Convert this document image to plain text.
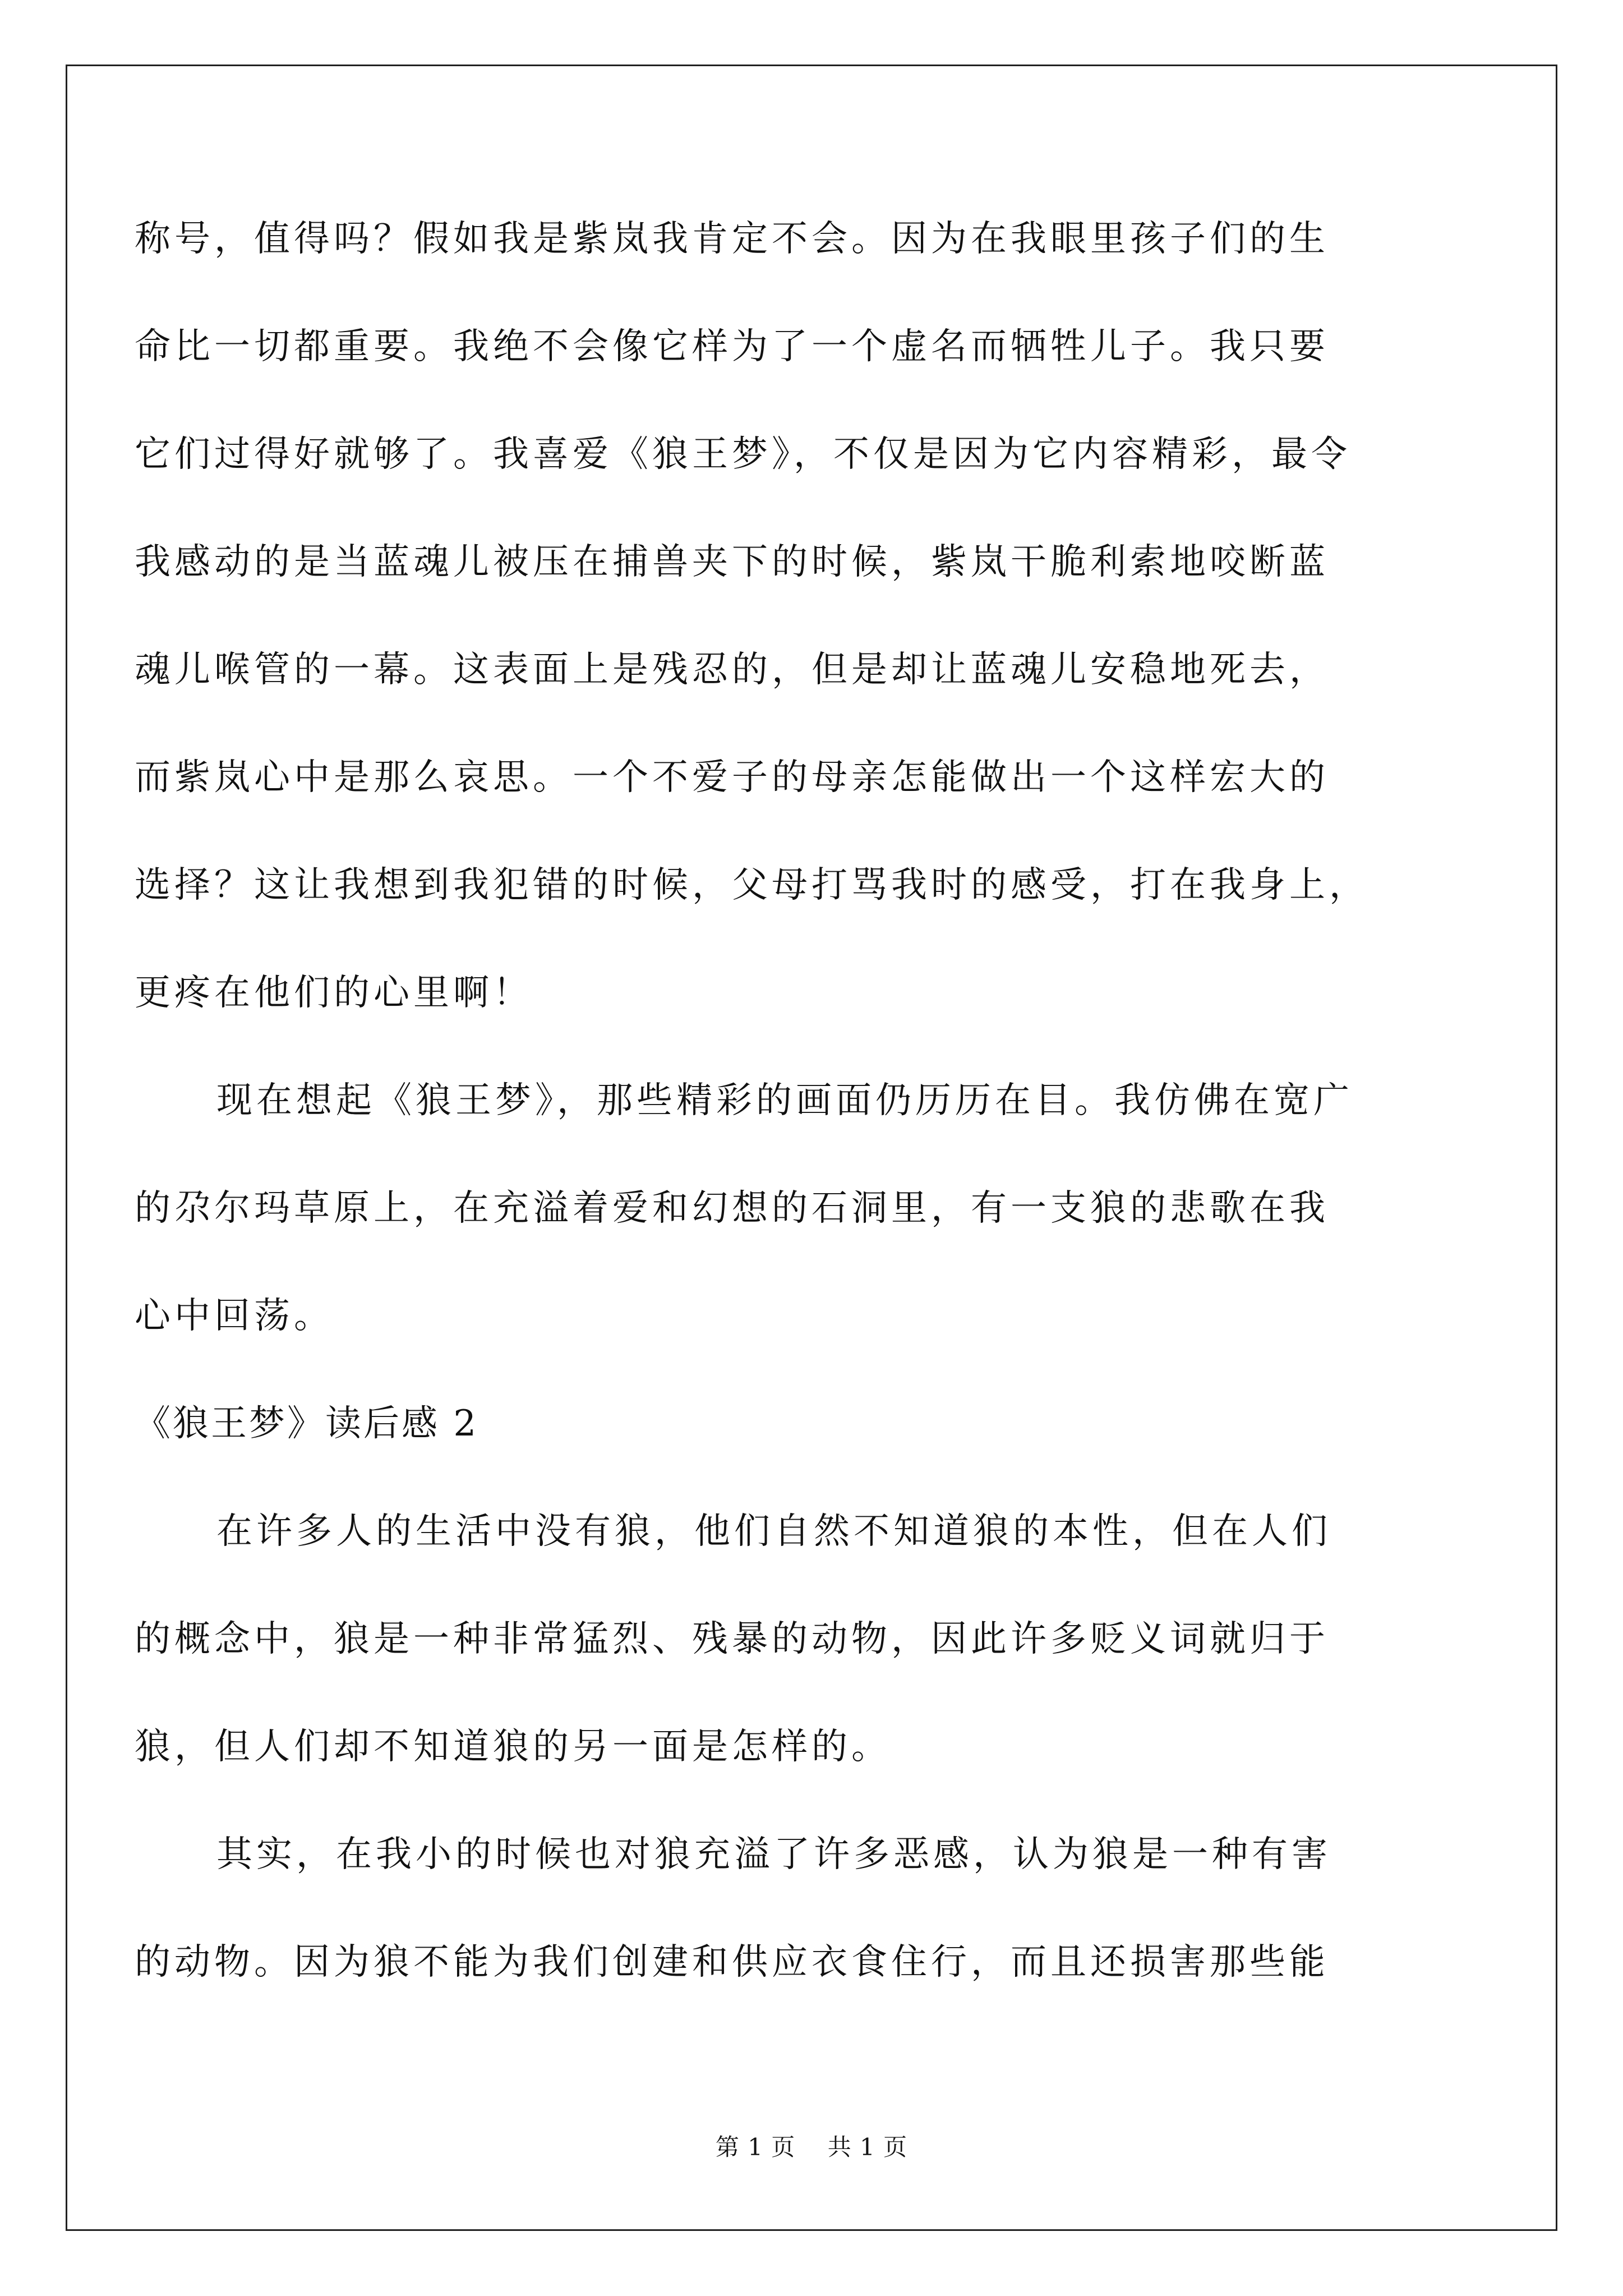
称号，值得吗？假如我是紫岚我肯定不会。因为在我眼里孩子们的生
命比一切都重要。我绝不会像它样为了一个虚名而牺牲儿子。我只要
它们过得好就够了。我喜爱《狼王梦》，不仅是因为它内容精彩，最令
我感动的是当蓝魂儿被压在捕兽夹下的时候，紫岚干脆利索地咬断蓝
魂儿喉管的一幕。这表面上是残忍的，但是却让蓝魂儿安稳地死去，
而紫岚心中是那么哀思。一个不爱子的母亲怎能做出一个这样宏大的
选择？这让我想到我犯错的时候，父母打骂我时的感受，打在我身上，
更疼在他们的心里啊！
现在想起《狼王梦》，那些精彩的画面仍历历在目。我仿佛在宽广
的尕尔玛草原上，在充溢着爱和幻想的石洞里，有一支狼的悲歌在我
心中回荡。
《狼王梦》读后感 2
在许多人的生活中没有狼，他们自然不知道狼的本性，但在人们
的概念中，狼是一种非常猛烈、残暴的动物，因此许多贬义词就归于
狼，但人们却不知道狼的另一面是怎样的。
其实，在我小的时候也对狼充溢了许多恶感，认为狼是一种有害
的动物。因为狼不能为我们创建和供应衣食住行，而且还损害那些能
第 1 页    共 1 页
